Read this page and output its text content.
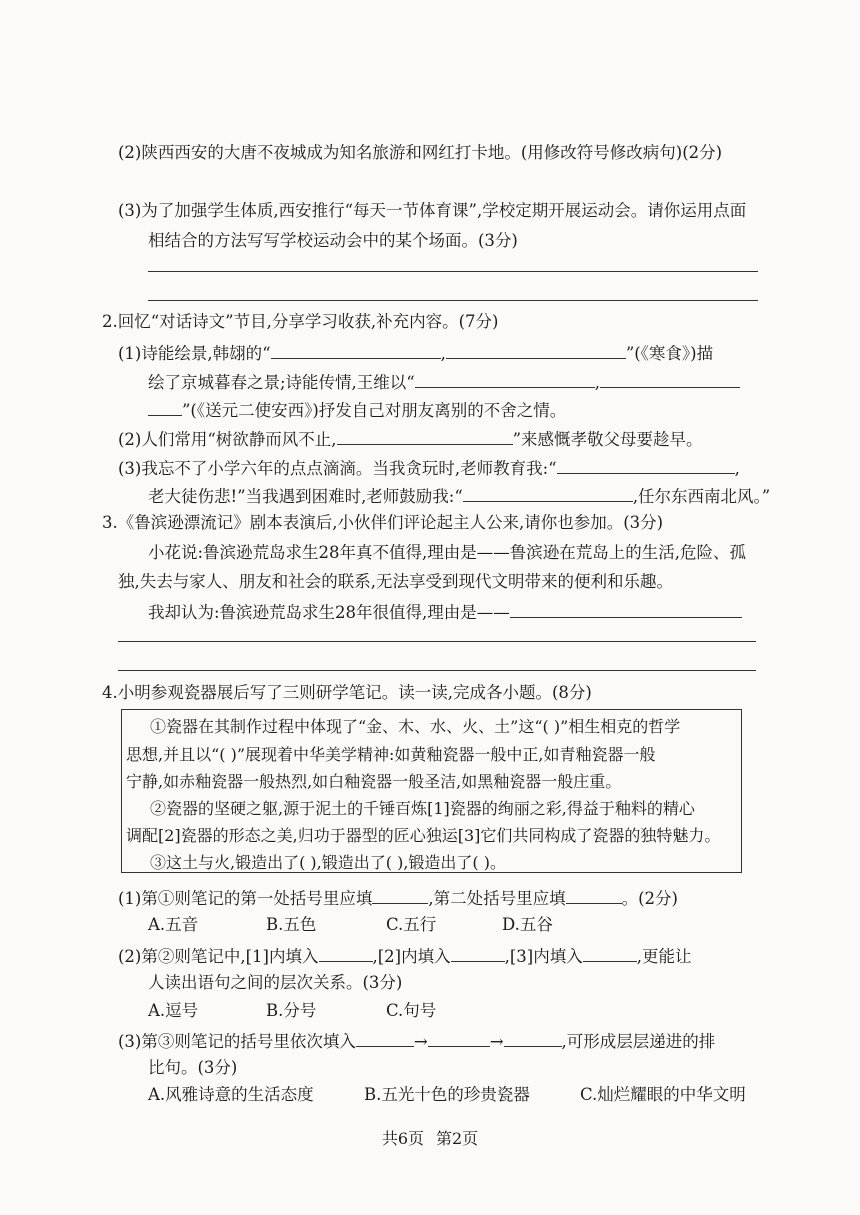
(2)陕西西安的大唐不夜城成为知名旅游和网红打卡地。(用修改符号修改病句)(2分)
(3)为了加强学生体质,西安推行“每天一节体育课”,学校定期开展运动会。请你运用点面
相结合的方法写写学校运动会中的某个场面。(3分)
2.回忆“对话诗文”节目,分享学习收获,补充内容。(7分)
(1)诗能绘景,韩翃的“	,	”(《寒食》)描
绘了京城暮春之景;诗能传情,王维以“	,
”(《送元二使安西》)抒发自己对朋友离别的不舍之情。
(2)人们常用“树欲静而风不止,	”来感慨孝敬父母要趁早。
(3)我忘不了小学六年的点点滴滴。当我贪玩时,老师教育我:“	,
老大徒伤悲!”当我遇到困难时,老师鼓励我:“	,任尔东西南北风。”
3.《鲁滨逊漂流记》剧本表演后,小伙伴们评论起主人公来,请你也参加。(3分)
小花说:鲁滨逊荒岛求生28年真不值得,理由是——鲁滨逊在荒岛上的生活,危险、孤
独,失去与家人、朋友和社会的联系,无法享受到现代文明带来的便利和乐趣。
我却认为:鲁滨逊荒岛求生28年很值得,理由是——
4.小明参观瓷器展后写了三则研学笔记。读一读,完成各小题。(8分)
①瓷器在其制作过程中体现了“金、木、水、火、土”这“( )”相生相克的哲学
思想,并且以“( )”展现着中华美学精神:如黄釉瓷器一般中正,如青釉瓷器一般
宁静,如赤釉瓷器一般热烈,如白釉瓷器一般圣洁,如黑釉瓷器一般庄重。
②瓷器的坚硬之躯,源于泥土的千锤百炼[1]瓷器的绚丽之彩,得益于釉料的精心
调配[2]瓷器的形态之美,归功于器型的匠心独运[3]它们共同构成了瓷器的独特魅力。
③这土与火,锻造出了( ),锻造出了( ),锻造出了( )。
(1)第①则笔记的第一处括号里应填	,第二处括号里应填	。(2分)
A.五音	B.五色	C.五行	D.五谷
(2)第②则笔记中,[1]内填入	,[2]内填入	,[3]内填入	,更能让
人读出语句之间的层次关系。(3分)
A.逗号	B.分号	C.句号
(3)第③则笔记的括号里依次填入	→	→	,可形成层层递进的排
比句。(3分)
A.风雅诗意的生活态度	B.五光十色的珍贵瓷器	C.灿烂耀眼的中华文明
共6页 第2页
